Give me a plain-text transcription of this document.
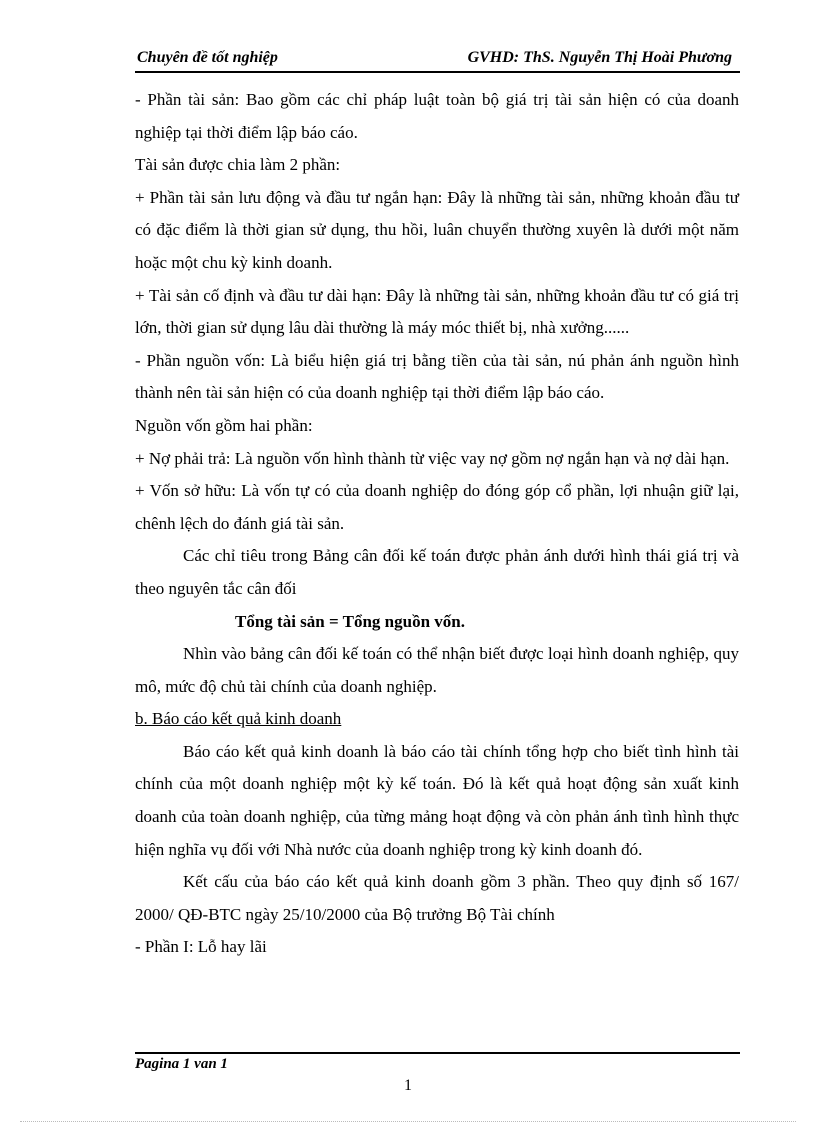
Chuyên đề tốt nghiệp	GVHD: ThS. Nguyễn Thị Hoài Phương

- Phần tài sản: Bao gồm các chỉ pháp luật toàn bộ giá trị tài sản hiện có của doanh nghiệp tại thời điểm lập báo cáo.

Tài sản được chia làm 2 phần:

+ Phần tài sản lưu động và đầu tư ngắn hạn: Đây là những tài sản, những khoản đầu tư có đặc điểm là thời gian sử dụng, thu hồi, luân chuyển thường xuyên là dưới một năm hoặc một chu kỳ kinh doanh.

+ Tài sản cố định và đầu tư dài hạn: Đây là những tài sản, những khoản đầu tư có giá trị lớn, thời gian sử dụng lâu dài thường là máy móc thiết bị, nhà xưởng......

- Phần nguồn vốn: Là biểu hiện giá trị bằng tiền của tài sản, nú phản ánh nguồn hình thành nên tài sản hiện có của doanh nghiệp tại thời điểm lập báo cáo.

Nguồn vốn gồm hai phần:

+ Nợ phải trả: Là nguồn vốn hình thành từ việc vay nợ gồm nợ ngắn hạn và nợ dài hạn.

+ Vốn sở hữu: Là vốn tự có của doanh nghiệp do đóng góp cổ phần, lợi nhuận giữ lại, chênh lệch do đánh giá tài sản.

Các chỉ tiêu trong Bảng cân đối kế toán được phản ánh dưới hình thái giá trị và theo nguyên tắc cân đối

Tổng tài sản = Tổng nguồn vốn.

Nhìn vào bảng cân đối kế toán có thể nhận biết được loại hình doanh nghiệp, quy mô, mức độ chủ tài chính của doanh nghiệp.

b. Báo cáo kết quả kinh doanh

Báo cáo kết quả kinh doanh là báo cáo tài chính tổng hợp cho biết tình hình tài chính của một doanh nghiệp một kỳ kế toán. Đó là kết quả hoạt động sản xuất kinh doanh của toàn doanh nghiệp, của từng mảng hoạt động và còn phản ánh tình hình thực hiện nghĩa vụ đối với Nhà nước của doanh nghiệp trong kỳ kinh doanh đó.

Kết cấu của báo cáo kết quả kinh doanh gồm 3 phần. Theo quy định số 167/ 2000/ QĐ-BTC ngày 25/10/2000 của Bộ trưởng Bộ Tài chính

- Phần I: Lỗ hay lãi

Pagina 1 van 1
1
